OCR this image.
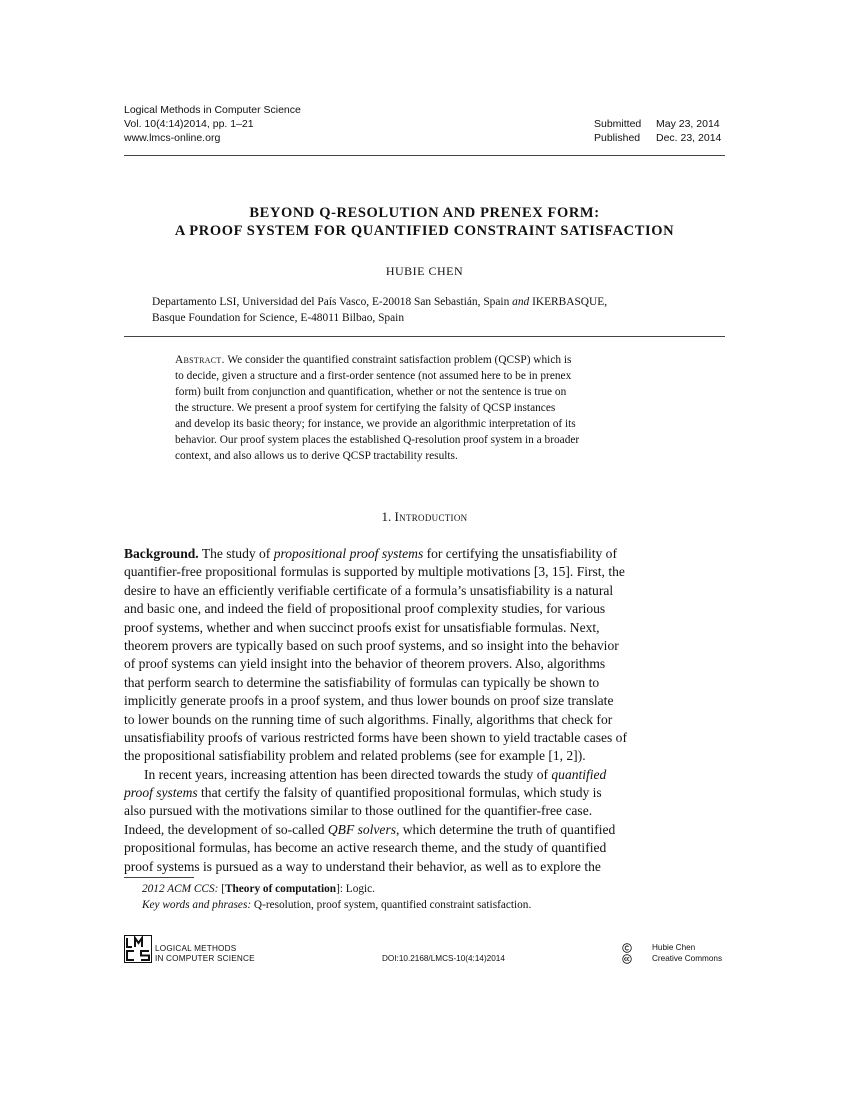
Logical Methods in Computer Science
Vol. 10(4:14)2014, pp. 1–21
www.lmcs-online.org
Submitted	May 23, 2014
Published	Dec. 23, 2014
BEYOND Q-RESOLUTION AND PRENEX FORM:
A PROOF SYSTEM FOR QUANTIFIED CONSTRAINT SATISFACTION
HUBIE CHEN
Departamento LSI, Universidad del País Vasco, E-20018 San Sebastián, Spain and IKERBASQUE,
Basque Foundation for Science, E-48011 Bilbao, Spain
Abstract. We consider the quantified constraint satisfaction problem (QCSP) which is
to decide, given a structure and a first-order sentence (not assumed here to be in prenex
form) built from conjunction and quantification, whether or not the sentence is true on
the structure. We present a proof system for certifying the falsity of QCSP instances
and develop its basic theory; for instance, we provide an algorithmic interpretation of its
behavior. Our proof system places the established Q-resolution proof system in a broader
context, and also allows us to derive QCSP tractability results.
1. Introduction
Background. The study of propositional proof systems for certifying the unsatisfiability of
quantifier-free propositional formulas is supported by multiple motivations [3, 15]. First, the
desire to have an efficiently verifiable certificate of a formula’s unsatisfiability is a natural
and basic one, and indeed the field of propositional proof complexity studies, for various
proof systems, whether and when succinct proofs exist for unsatisfiable formulas. Next,
theorem provers are typically based on such proof systems, and so insight into the behavior
of proof systems can yield insight into the behavior of theorem provers. Also, algorithms
that perform search to determine the satisfiability of formulas can typically be shown to
implicitly generate proofs in a proof system, and thus lower bounds on proof size translate
to lower bounds on the running time of such algorithms. Finally, algorithms that check for
unsatisfiability proofs of various restricted forms have been shown to yield tractable cases of
the propositional satisfiability problem and related problems (see for example [1, 2]).
In recent years, increasing attention has been directed towards the study of quantified
proof systems that certify the falsity of quantified propositional formulas, which study is
also pursued with the motivations similar to those outlined for the quantifier-free case.
Indeed, the development of so-called QBF solvers, which determine the truth of quantified
propositional formulas, has become an active research theme, and the study of quantified
proof systems is pursued as a way to understand their behavior, as well as to explore the
2012 ACM CCS: [Theory of computation]: Logic.
Key words and phrases: Q-resolution, proof system, quantified constraint satisfaction.
LOGICAL METHODS
IN COMPUTER SCIENCE	DOI:10.2168/LMCS-10(4:14)2014
Hubie Chen
Creative Commons
